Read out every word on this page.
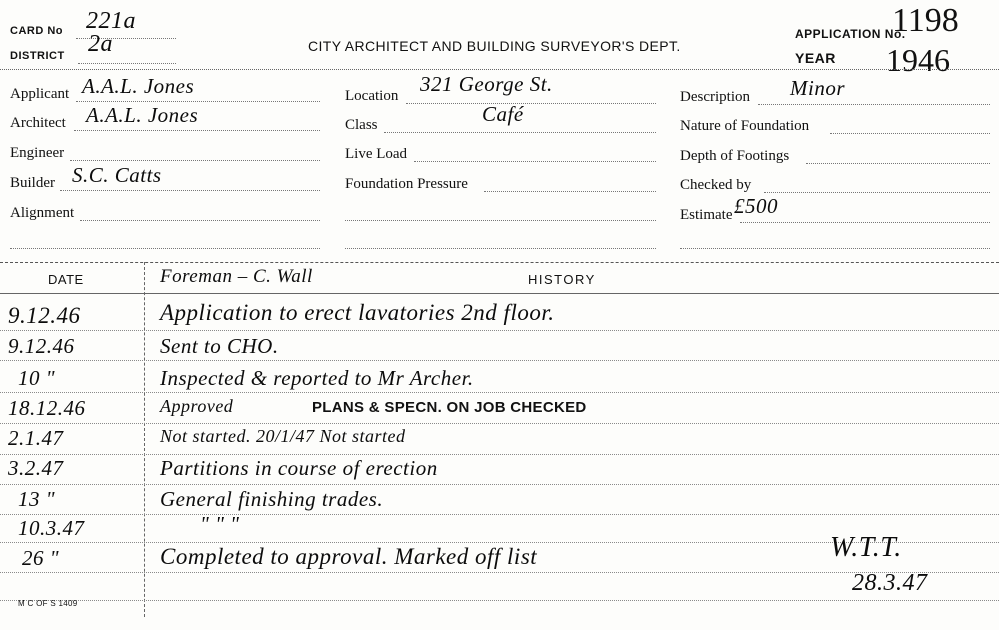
CARD No 221a
DISTRICT 2a	CITY ARCHITECT AND BUILDING SURVEYOR'S DEPT.
APPLICATION No.
1198
YEAR 1946
Applicant A.A.L. Jones
Architect A.A.L. Jones
Engineer
Builder S.C. Catts
Alignment
Location 321 George St.
Class	Café
Live Load
Foundation Pressure
Description Minor
Nature of Foundation
Depth of Footings
Checked by
Estimate £500
DATE	HISTORY
Foreman – C. Wall
9.12.46	Application to erect lavatories 2nd floor.
9.12.46	Sent to CHO.
10 "	Inspected & reported to Mr Archer.
18.12.46	Approved	PLANS & SPECN. ON JOB CHECKED
2.1.47	Not started. 20/1/47 Not started
3.2.47	Partitions in course of erection
13 "	General finishing trades.
10.3.47	" " "
26 "	Completed to approval. Marked off list	W.T.T.
28.3.47
M C OF S 1409
